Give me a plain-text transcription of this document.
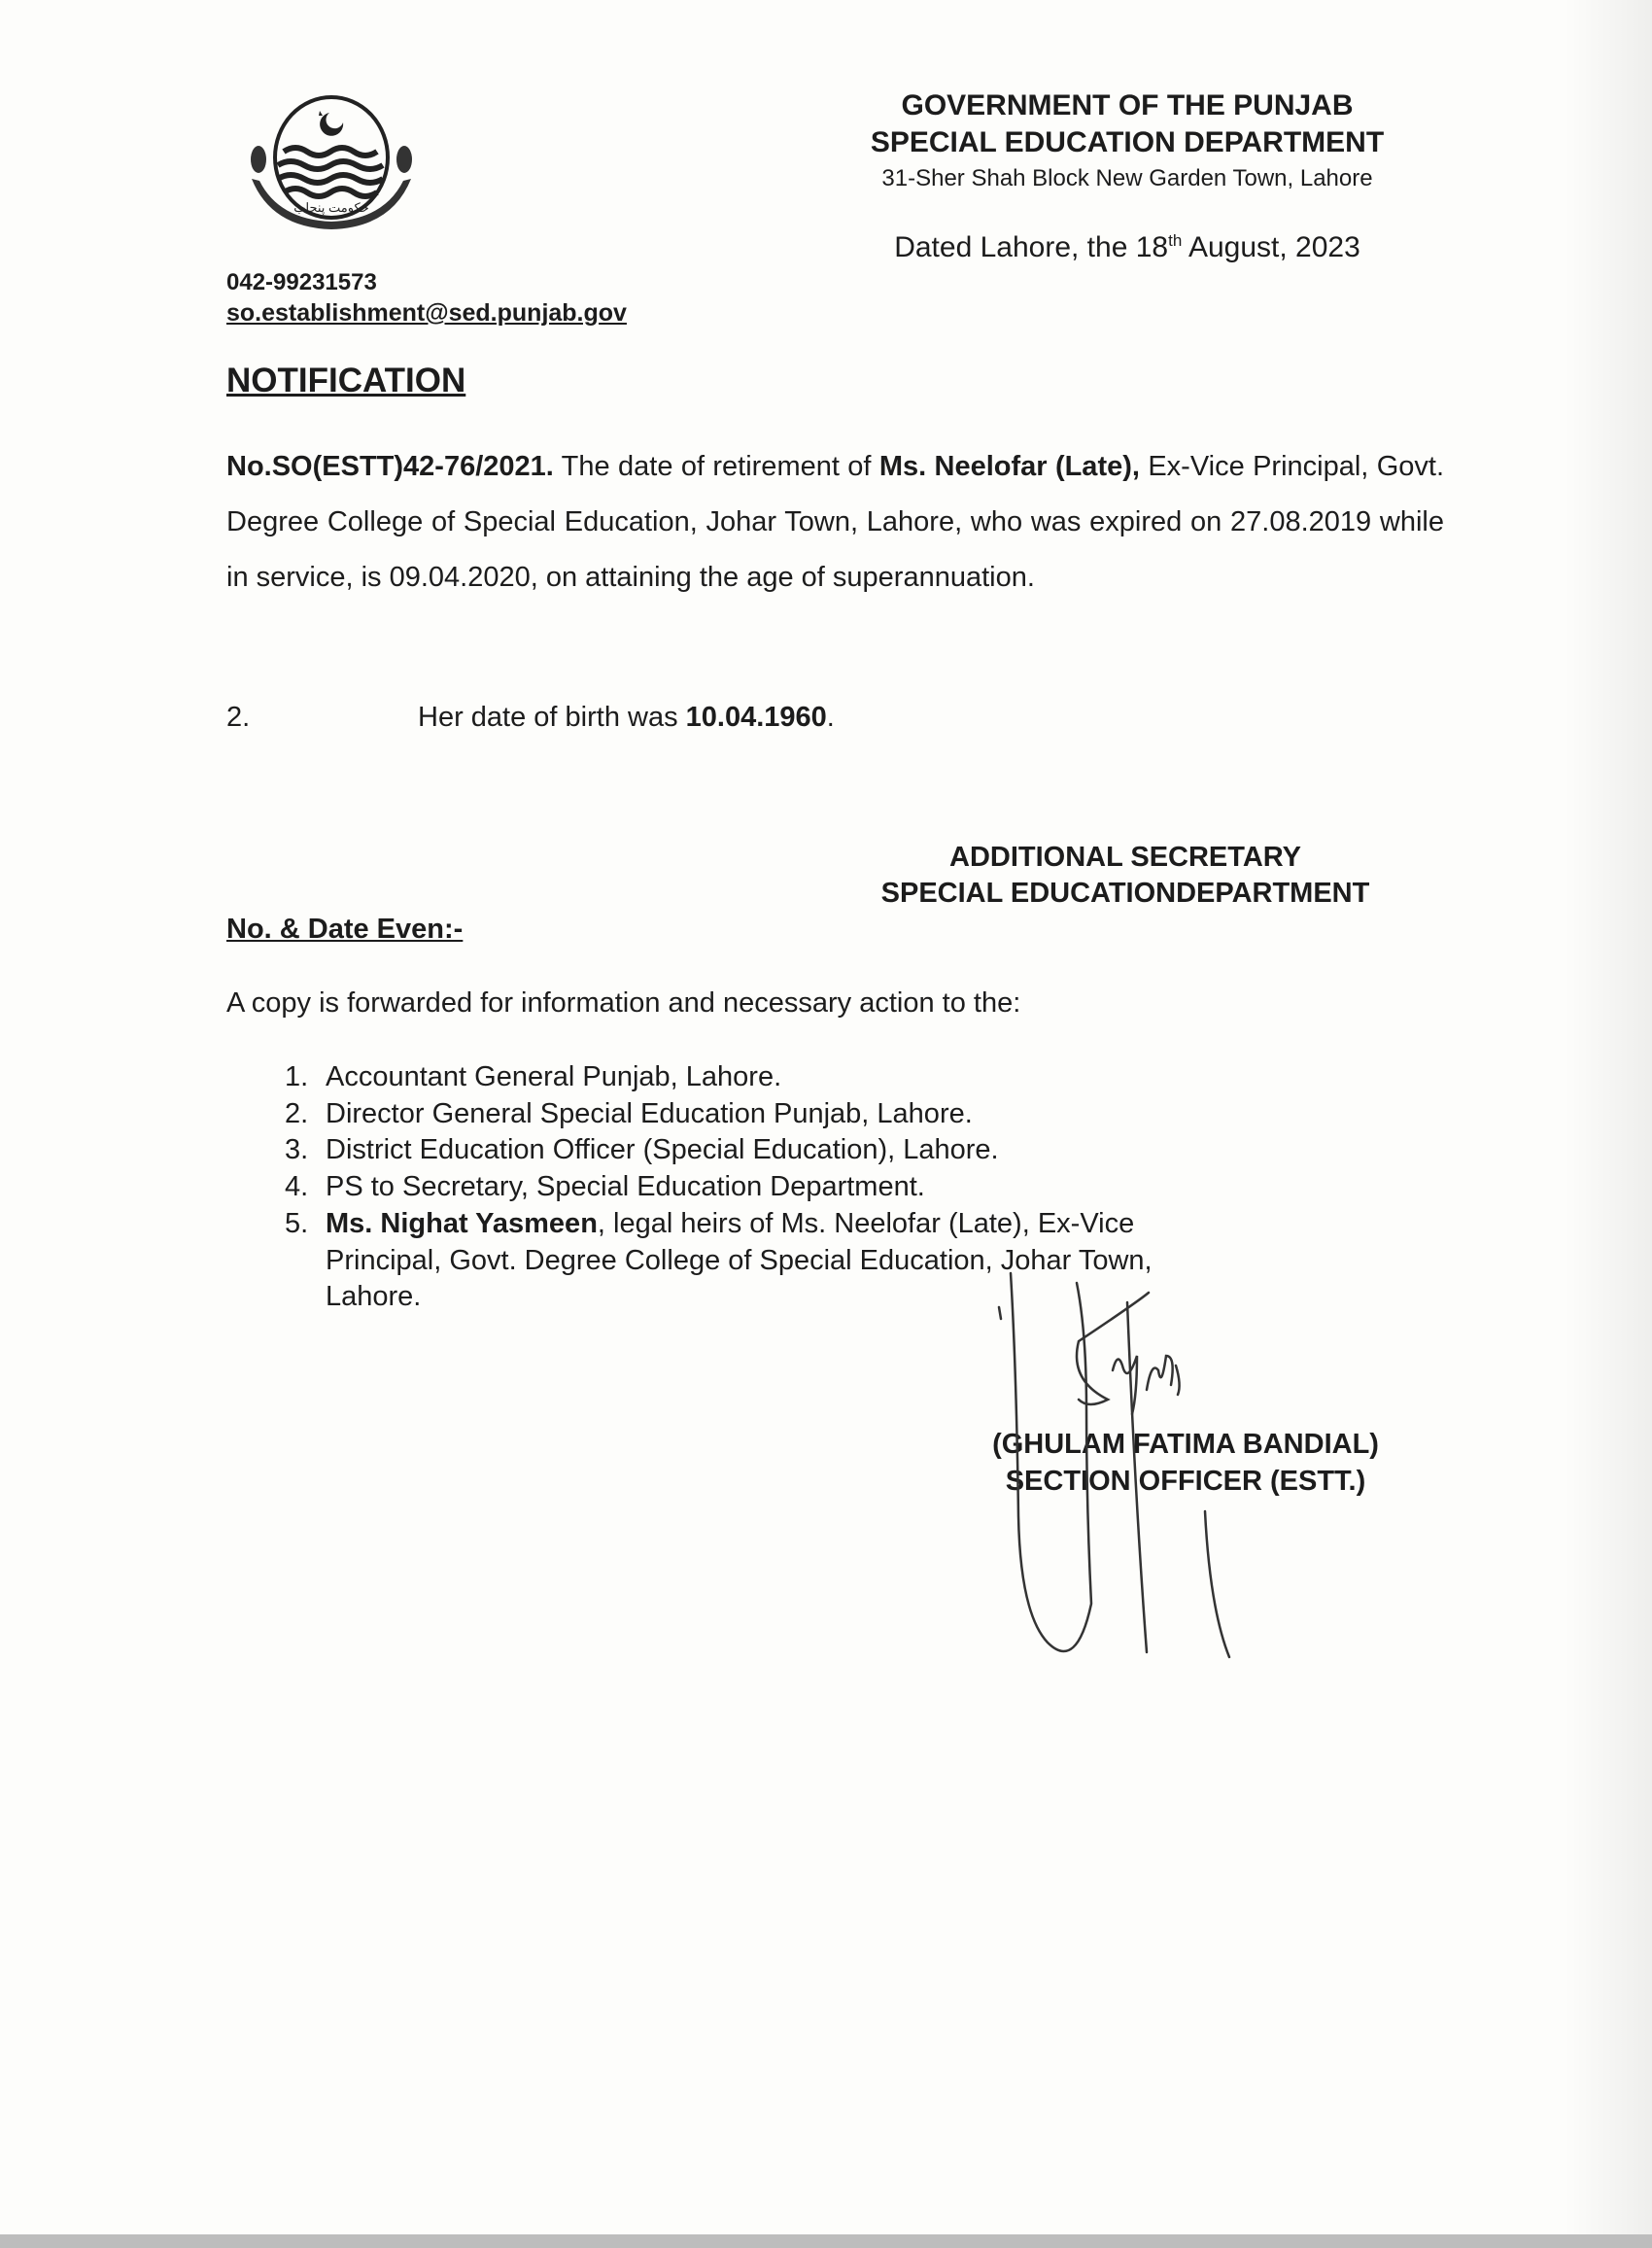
حکومت پنجاب
GOVERNMENT OF THE PUNJAB
SPECIAL EDUCATION DEPARTMENT
31-Sher Shah Block New Garden Town, Lahore
Dated Lahore, the 18th August, 2023
042-99231573
so.establishment@sed.punjab.gov
NOTIFICATION
No.SO(ESTT)42-76/2021. The date of retirement of Ms. Neelofar (Late), Ex-Vice Principal, Govt. Degree College of Special Education, Johar Town, Lahore, who was expired on 27.08.2019 while in service, is 09.04.2020, on attaining the age of superannuation.
2.	Her date of birth was 10.04.1960.
ADDITIONAL SECRETARY
SPECIAL EDUCATIONDEPARTMENT
No. & Date Even:-
A copy is forwarded for information and necessary action to the:
1. Accountant General Punjab, Lahore.
2. Director General Special Education Punjab, Lahore.
3. District Education Officer (Special Education), Lahore.
4. PS to Secretary, Special Education Department.
5. Ms. Nighat Yasmeen, legal heirs of Ms. Neelofar (Late), Ex-Vice
Principal, Govt. Degree College of Special Education, Johar Town,
Lahore.
(GHULAM FATIMA BANDIAL)
SECTION OFFICER (ESTT.)
